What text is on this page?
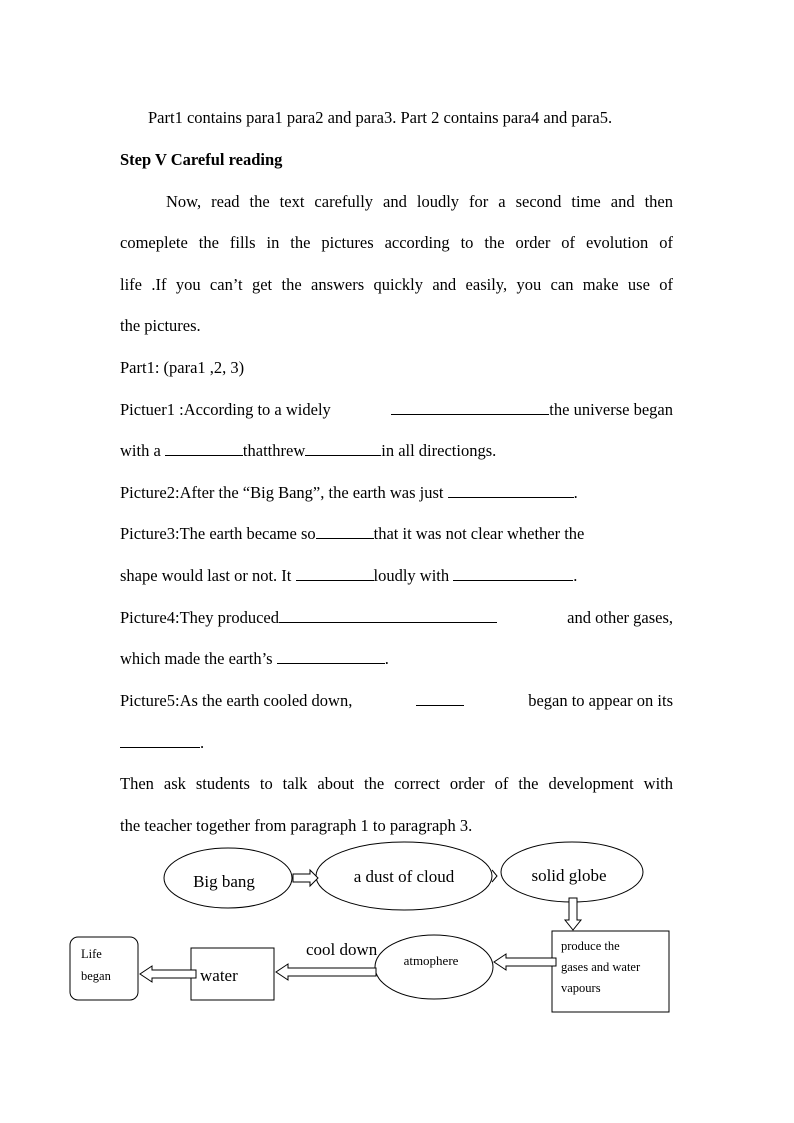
Part1 contains para1 para2 and para3. Part 2 contains para4 and para5.
Step V Careful reading
Now, read the text carefully and loudly for a second time and then
comeplete the fills in the pictures according to the order of evolution of
life .If you can’t get the answers quickly and easily, you can make use of
the pictures.
Part1: (para1 ,2, 3)
Pictuer1 :According to a widely	the universe began
with a	thatthrew	in all directiongs.
Picture2:After the “Big Bang”, the earth was just	.
Picture3:The earth became so	that it was not clear whether the
shape would last or not. It	loudly with	.
Picture4:They produced	and other gases,
which made the earth’s	.
Picture5:As the earth cooled down,	began to appear on its
.
Then ask students to talk about the correct order of the development with
the teacher together from paragraph 1 to paragraph 3.
Big bang	a dust of cloud	solid globe
produce the
gases and water
vapours
atmophere
cool down
water
Life
began
